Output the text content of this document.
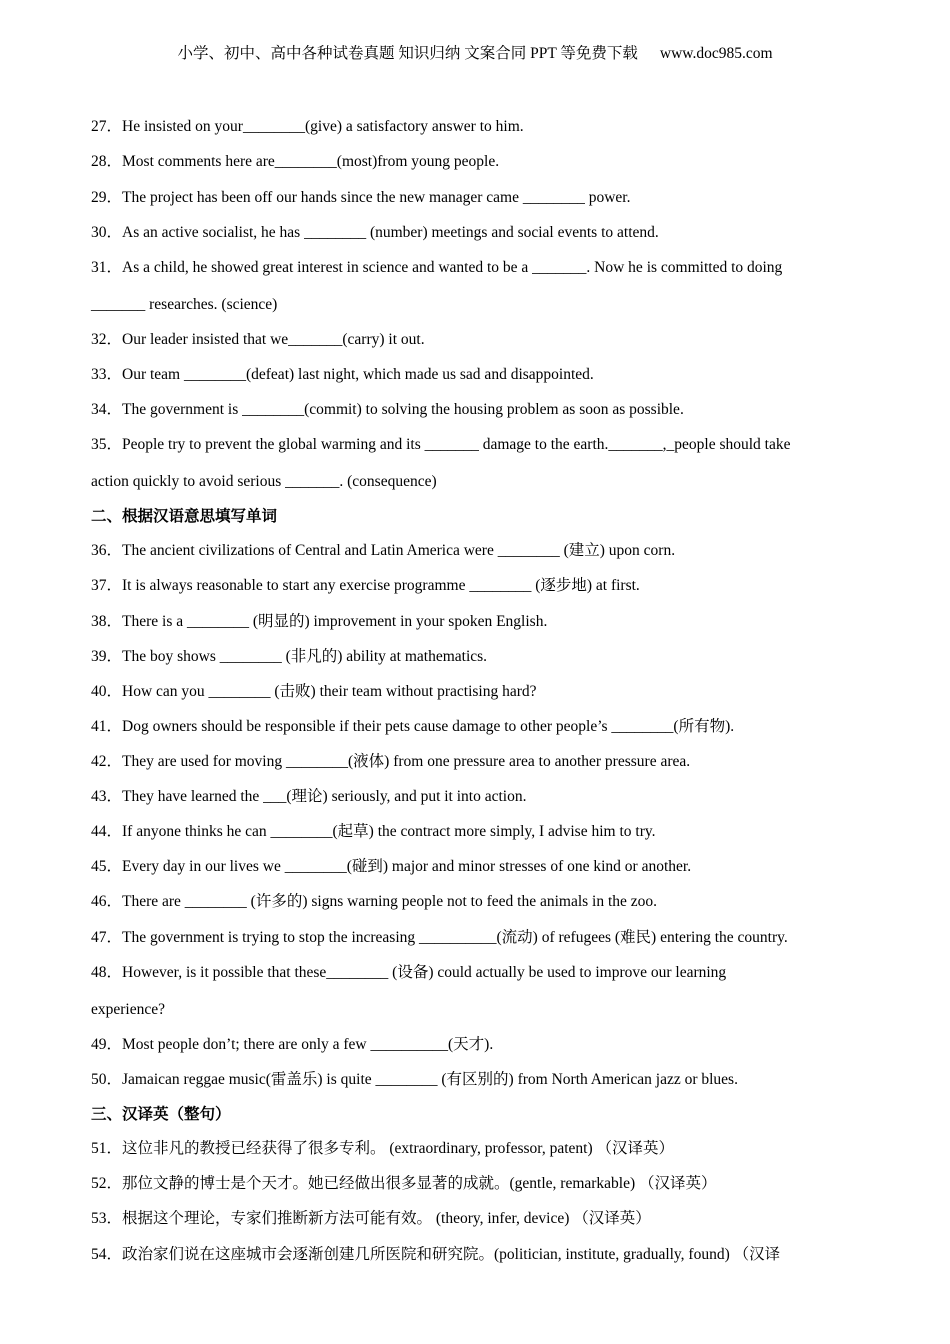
小学、初中、高中各种试卷真题 知识归纳 文案合同 PPT 等免费下载 www.doc985.com
27．He insisted on your________(give) a satisfactory answer to him.
28．Most comments here are________(most)from young people.
29．The project has been off our hands since the new manager came ________ power.
30．As an active socialist, he has ________ (number) meetings and social events to attend.
31．As a child, he showed great interest in science and wanted to be a _______. Now he is committed to doing
_______ researches. (science)
32．Our leader insisted that we_______(carry) it out.
33．Our team ________(defeat) last night, which made us sad and disappointed.
34．The government is ________(commit) to solving the housing problem as soon as possible.
35．People try to prevent the global warming and its _______ damage to the earth._______,_people should take
action quickly to avoid serious _______. (consequence)
二、根据汉语意思填写单词
36．The ancient civilizations of Central and Latin America were ________ (建立) upon corn.
37．It is always reasonable to start any exercise programme ________ (逐步地) at first.
38．There is a ________ (明显的) improvement in your spoken English.
39．The boy shows ________ (非凡的) ability at mathematics.
40．How can you ________ (击败) their team without practising hard?
41．Dog owners should be responsible if their pets cause damage to other people’s ________(所有物).
42．They are used for moving ________(液体) from one pressure area to another pressure area.
43．They have learned the ___(理论) seriously, and put it into action.
44．If anyone thinks he can ________(起草) the contract more simply, I advise him to try.
45．Every day in our lives we ________(碰到) major and minor stresses of one kind or another.
46．There are ________ (许多的) signs warning people not to feed the animals in the zoo.
47．The government is trying to stop the increasing __________(流动) of refugees (难民) entering the country.
48．However, is it possible that these________ (设备) could actually be used to improve our learning
experience?
49．Most people don’t; there are only a few __________(天才).
50．Jamaican reggae music(雷盖乐) is quite ________ (有区别的) from North American jazz or blues.
三、汉译英（整句）
51．这位非凡的教授已经获得了很多专利。 (extraordinary, professor, patent) （汉译英）
52．那位文静的博士是个天才。她已经做出很多显著的成就。(gentle, remarkable) （汉译英）
53．根据这个理论，专家们推断新方法可能有效。 (theory, infer, device) （汉译英）
54．政治家们说在这座城市会逐渐创建几所医院和研究院。(politician, institute, gradually, found) （汉译
